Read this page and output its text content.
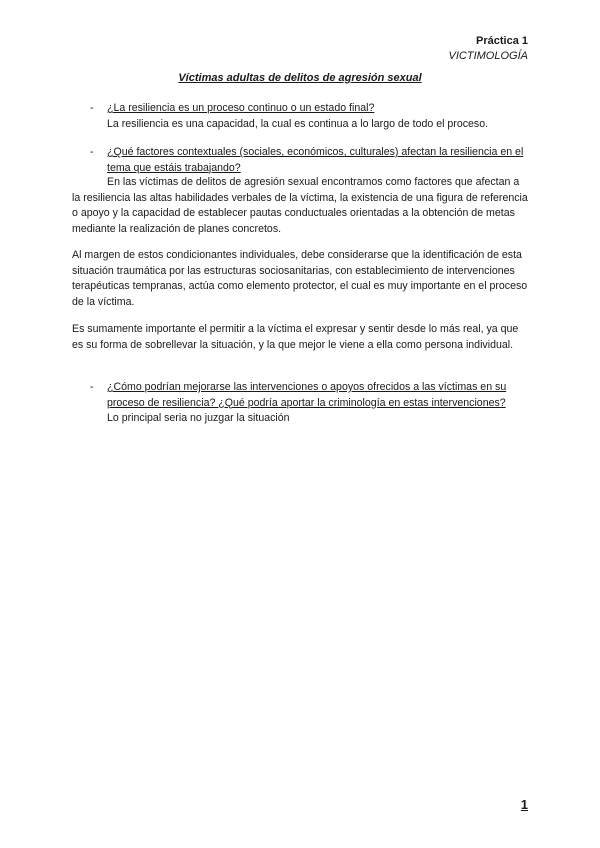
Práctica 1
VICTIMOLOGÍA
Víctimas adultas de delitos de agresión sexual
- ¿La resiliencia es un proceso continuo o un estado final?
La resiliencia es una capacidad, la cual es continua a lo largo de todo el proceso.
- ¿Qué factores contextuales (sociales, económicos, culturales) afectan la resiliencia en el tema que estáis trabajando?
En las víctimas de delitos de agresión sexual encontramos como factores que afectan a la resiliencia las altas habilidades verbales de la víctima, la existencia de una figura de referencia o apoyo y la capacidad de establecer pautas conductuales orientadas a la obtención de metas mediante la realización de planes concretos.
Al margen de estos condicionantes individuales, debe considerarse que la identificación de esta situación traumática por las estructuras sociosanitarias, con establecimiento de intervenciones terapéuticas tempranas, actúa como elemento protector, el cual es muy importante en el proceso de la víctima.
Es sumamente importante el permitir a la víctima el expresar y sentir desde lo más real, ya que es su forma de sobrellevar la situación, y la que mejor le viene a ella como persona individual.
- ¿Cómo podrían mejorarse las intervenciones o apoyos ofrecidos a las víctimas en su proceso de resiliencia? ¿Qué podría aportar la criminología en estas intervenciones?
Lo principal seria no juzgar la situación
1
